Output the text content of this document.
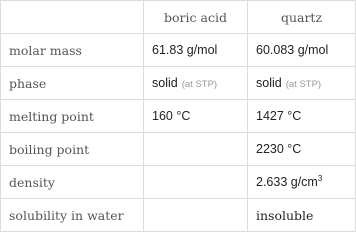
	boric acid	quartz
molar mass	61.83 g/mol	60.083 g/mol
phase	solid (at STP)	solid (at STP)
melting point	160 °C	1427 °C
boiling point		2230 °C
density		2.633 $g/cm^3$
solubility in water		insoluble
